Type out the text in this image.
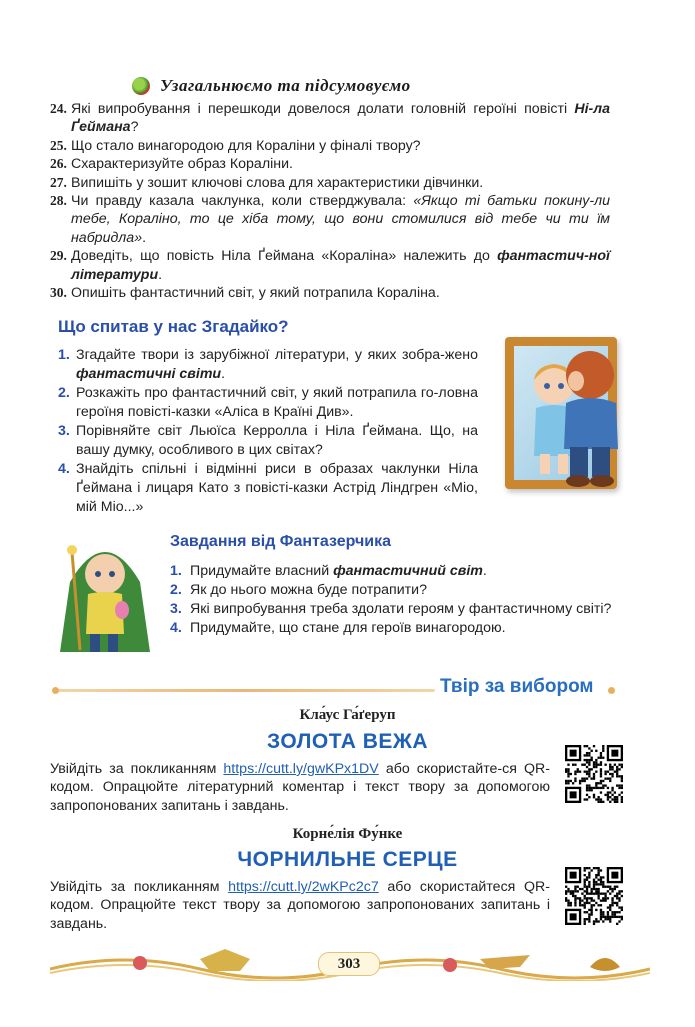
Узагальнюємо та підсумовуємо
24. Які випробування і перешкоди довелося долати головній героїні повісті Ні-ла Ґеймана?
25. Що стало винагородою для Кораліни у фіналі твору?
26. Схарактеризуйте образ Кораліни.
27. Випишіть у зошит ключові слова для характеристики дівчинки.
28. Чи правду казала чаклунка, коли стверджувала: «Якщо ті батьки покину-ли тебе, Кораліно, то це хіба тому, що вони стомилися від тебе чи ти їм набридла».
29. Доведіть, що повість Ніла Ґеймана «Кораліна» належить до фантастич-ної літератури.
30. Опишіть фантастичний світ, у який потрапила Кораліна.
Що спитав у нас Згадайко?
1. Згадайте твори із зарубіжної літератури, у яких зобра-жено фантастичні світи.
2. Розкажіть про фантастичний світ, у який потрапила го-ловна героїня повісті-казки «Аліса в Країні Див».
3. Порівняйте світ Льюїса Керролла і Ніла Ґеймана. Що, на вашу думку, особливого в цих світах?
4. Знайдіть спільні і відмінні риси в образах чаклунки Ніла Ґеймана і лицаря Като з повісті-казки Астрід Ліндгрен «Міо, мій Міо...»
Завдання від Фантазерчика
1. Придумайте власний фантастичний світ.
2. Як до нього можна буде потрапити?
3. Які випробування треба здолати героям у фантастичному світі?
4. Придумайте, що стане для героїв винагородою.
Твір за вибором
Кла́ус Га́ґеруп
ЗОЛОТА ВЕЖА
Увійдіть за покликанням https://cutt.ly/gwKPx1DV або скористайте-ся QR-кодом. Опрацюйте літературний коментар і текст твору за допомогою запропонованих запитань і завдань.
Корне́лія Фу́нке
ЧОРНИЛЬНЕ СЕРЦЕ
Увійдіть за покликанням https://cutt.ly/2wKPc2c7 або скористайтеся QR-кодом. Опрацюйте текст твору за допомогою запропонованих запитань і завдань.
303
